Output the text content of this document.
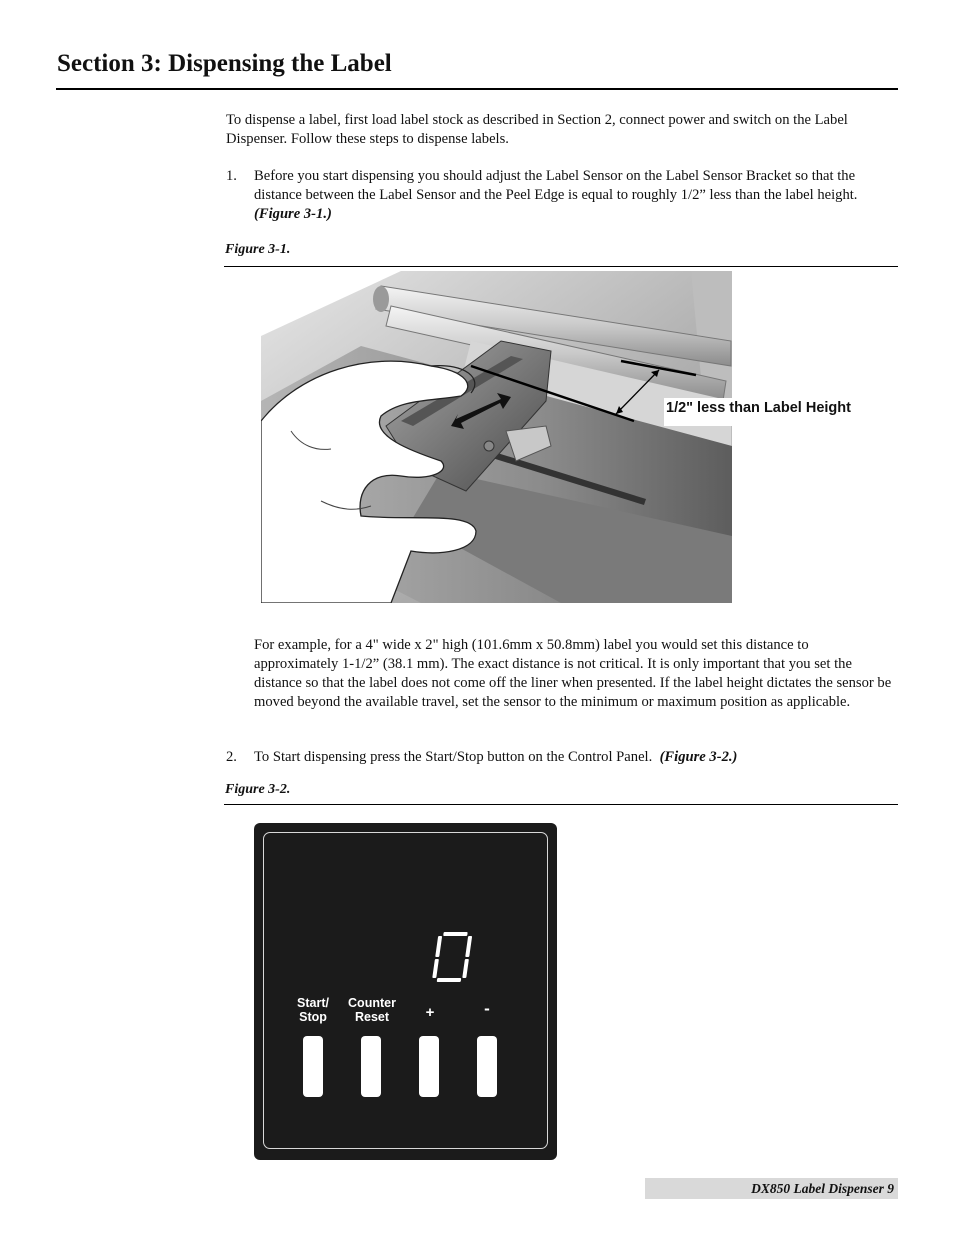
Section 3: Dispensing the Label

To dispense a label, first load label stock as described in Section 2, connect power and switch on the Label Dispenser. Follow these steps to dispense labels.

1. Before you start dispensing you should adjust the Label Sensor on the Label Sensor Bracket so that the distance between the Label Sensor and the Peel Edge is equal to roughly 1/2” less than the label height.  (Figure 3-1.)

Figure 3-1.
1/2" less than Label Height

For example, for a 4" wide x 2" high (101.6mm x 50.8mm) label you would set this distance to approximately 1-1/2” (38.1 mm). The exact distance is not critical. It is only important that you set the distance so that the label does not come off the liner when presented. If the label height dictates the sensor be moved beyond the available travel, set the sensor to the minimum or maximum position as applicable.

2. To Start dispensing press the Start/Stop button on the Control Panel. (Figure 3-2.)

Figure 3-2.
0
Start/
Stop
Counter
Reset	+	-
DX850 Label Dispenser 9
